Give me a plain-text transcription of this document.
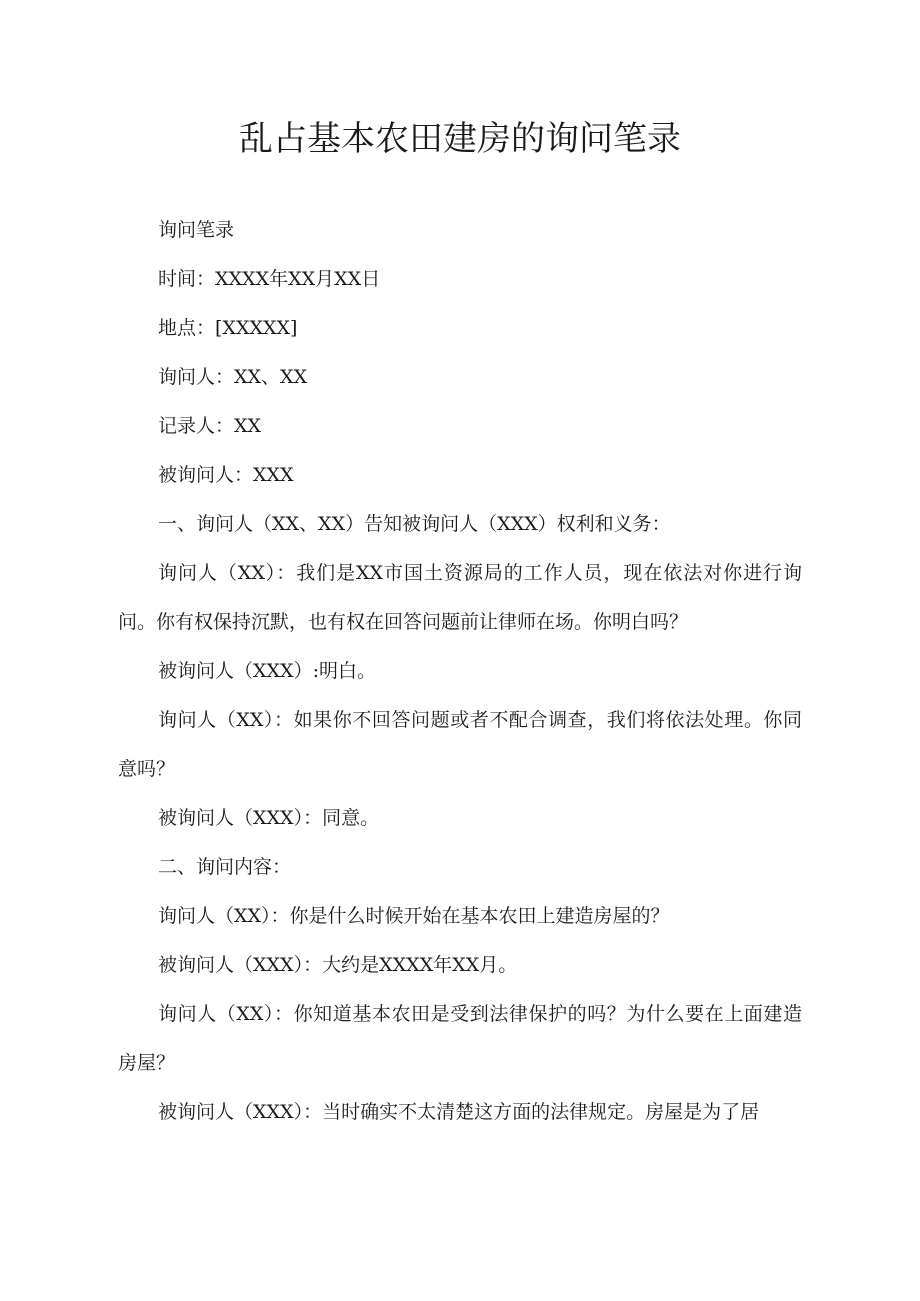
乱占基本农田建房的询问笔录

询问笔录

时间：XXXX年XX月XX日

地点：[XXXXX]

询问人：XX、XX

记录人：XX

被询问人：XXX

一、询问人（XX、XX）告知被询问人（XXX）权利和义务：

询问人（XX）：我们是XX市国土资源局的工作人员，现在依法对你进行询问。你有权保持沉默，也有权在回答问题前让律师在场。你明白吗？

被询问人（XXX）:明白。

询问人（XX）：如果你不回答问题或者不配合调查，我们将依法处理。你同意吗？

被询问人（XXX）：同意。

二、询问内容：

询问人（XX）：你是什么时候开始在基本农田上建造房屋的？

被询问人（XXX）：大约是XXXX年XX月。

询问人（XX）：你知道基本农田是受到法律保护的吗？为什么要在上面建造房屋？

被询问人（XXX）：当时确实不太清楚这方面的法律规定。房屋是为了居
